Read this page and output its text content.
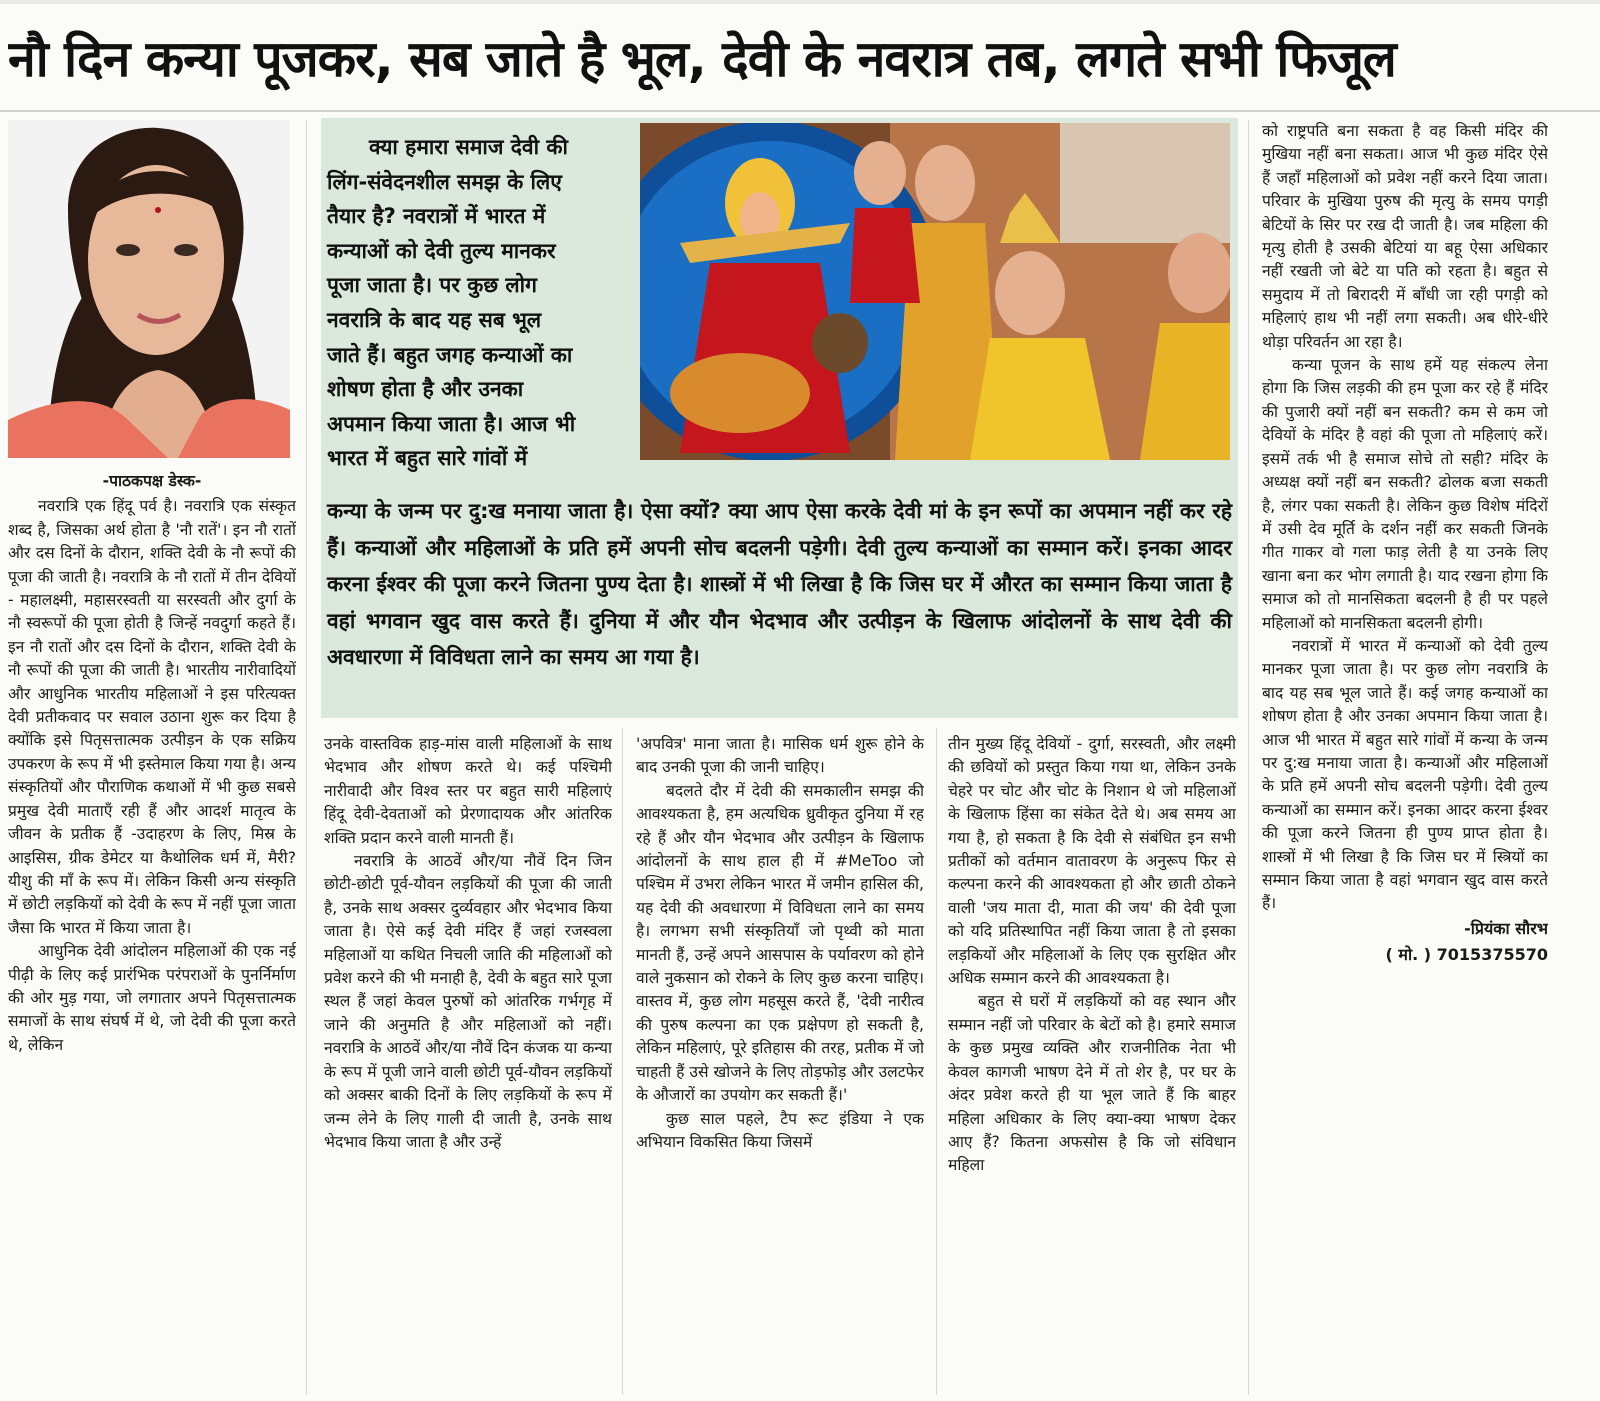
नौ दिन कन्या पूजकर, सब जाते है भूल, देवी के नवरात्र तब, लगते सभी फिजूल
-पाठकपक्ष डेस्क-

नवरात्रि एक हिंदू पर्व है। नवरात्रि एक संस्कृत शब्द है, जिसका अर्थ होता है 'नौ रातें'। इन नौ रातों और दस दिनों के दौरान, शक्ति देवी के नौ रूपों की पूजा की जाती है। नवरात्रि के नौ रातों में तीन देवियों - महालक्ष्मी, महासरस्वती या सरस्वती और दुर्गा के नौ स्वरूपों की पूजा होती है जिन्हें नवदुर्गा कहते हैं। इन नौ रातों और दस दिनों के दौरान, शक्ति देवी के नौ रूपों की पूजा की जाती है। भारतीय नारीवादियों और आधुनिक भारतीय महिलाओं ने इस परित्यक्त देवी प्रतीकवाद पर सवाल उठाना शुरू कर दिया है क्योंकि इसे पितृसत्तात्मक उत्पीड़न के एक सक्रिय उपकरण के रूप में भी इस्तेमाल किया गया है। अन्य संस्कृतियों और पौराणिक कथाओं में भी कुछ सबसे प्रमुख देवी माताएँ रही हैं और आदर्श मातृत्व के जीवन के प्रतीक हैं -उदाहरण के लिए, मिस्र के आइसिस, ग्रीक डेमेटर या कैथोलिक धर्म में, मैरी? यीशु की माँ के रूप में। लेकिन किसी अन्य संस्कृति में छोटी लड़कियों को देवी के रूप में नहीं पूजा जाता जैसा कि भारत में किया जाता है।

आधुनिक देवी आंदोलन महिलाओं की एक नई पीढ़ी के लिए कई प्रारंभिक परंपराओं के पुनर्निर्माण की ओर मुड़ गया, जो लगातार अपने पितृसत्तात्मक समाजों के साथ संघर्ष में थे, जो देवी की पूजा करते थे, लेकिन

क्या हमारा समाज देवी की
लिंग-संवेदनशील समझ के लिए
तैयार है? नवरात्रों में भारत में
कन्याओं को देवी तुल्य मानकर
पूजा जाता है। पर कुछ लोग
नवरात्रि के बाद यह सब भूल
जाते हैं। बहुत जगह कन्याओं का
शोषण होता है और उनका
अपमान किया जाता है। आज भी
भारत में बहुत सारे गांवों में
कन्या के जन्म पर दु:ख मनाया जाता है। ऐसा क्यों? क्या आप ऐसा करके देवी मां के इन रूपों का अपमान नहीं कर रहे हैं। कन्याओं और महिलाओं के प्रति हमें अपनी सोच बदलनी पड़ेगी। देवी तुल्य कन्याओं का सम्मान करें। इनका आदर करना ईश्वर की पूजा करने जितना पुण्य देता है। शास्त्रों में भी लिखा है कि जिस घर में औरत का सम्मान किया जाता है वहां भगवान खुद वास करते हैं। दुनिया में और यौन भेदभाव और उत्पीड़न के खिलाफ आंदोलनों के साथ देवी की अवधारणा में विविधता लाने का समय आ गया है।

उनके वास्तविक हाड़-मांस वाली महिलाओं के साथ भेदभाव और शोषण करते थे। कई पश्चिमी नारीवादी और विश्व स्तर पर बहुत सारी महिलाएं हिंदू देवी-देवताओं को प्रेरणादायक और आंतरिक शक्ति प्रदान करने वाली मानती हैं।

नवरात्रि के आठवें और/या नौवें दिन जिन छोटी-छोटी पूर्व-यौवन लड़कियों की पूजा की जाती है, उनके साथ अक्सर दुर्व्यवहार और भेदभाव किया जाता है। ऐसे कई देवी मंदिर हैं जहां रजस्वला महिलाओं या कथित निचली जाति की महिलाओं को प्रवेश करने की भी मनाही है, देवी के बहुत सारे पूजा स्थल हैं जहां केवल पुरुषों को आंतरिक गर्भगृह में जाने की अनुमति है और महिलाओं को नहीं। नवरात्रि के आठवें और/या नौवें दिन कंजक या कन्या के रूप में पूजी जाने वाली छोटी पूर्व-यौवन लड़कियों को अक्सर बाकी दिनों के लिए लड़कियों के रूप में जन्म लेने के लिए गाली दी जाती है, उनके साथ भेदभाव किया जाता है और उन्हें

'अपवित्र' माना जाता है। मासिक धर्म शुरू होने के बाद उनकी पूजा की जानी चाहिए।

बदलते दौर में देवी की समकालीन समझ की आवश्यकता है, हम अत्यधिक ध्रुवीकृत दुनिया में रह रहे हैं और यौन भेदभाव और उत्पीड़न के खिलाफ आंदोलनों के साथ हाल ही में #MeToo जो पश्चिम में उभरा लेकिन भारत में जमीन हासिल की, यह देवी की अवधारणा में विविधता लाने का समय है। लगभग सभी संस्कृतियाँ जो पृथ्वी को माता मानती हैं, उन्हें अपने आसपास के पर्यावरण को होने वाले नुकसान को रोकने के लिए कुछ करना चाहिए। वास्तव में, कुछ लोग महसूस करते हैं, 'देवी नारीत्व की पुरुष कल्पना का एक प्रक्षेपण हो सकती है, लेकिन महिलाएं, पूरे इतिहास की तरह, प्रतीक में जो चाहती हैं उसे खोजने के लिए तोड़फोड़ और उलटफेर के औजारों का उपयोग कर सकती हैं।'

कुछ साल पहले, टैप रूट इंडिया ने एक अभियान विकसित किया जिसमें

तीन मुख्य हिंदू देवियों - दुर्गा, सरस्वती, और लक्ष्मी की छवियों को प्रस्तुत किया गया था, लेकिन उनके चेहरे पर चोट और चोट के निशान थे जो महिलाओं के खिलाफ हिंसा का संकेत देते थे। अब समय आ गया है, हो सकता है कि देवी से संबंधित इन सभी प्रतीकों को वर्तमान वातावरण के अनुरूप फिर से कल्पना करने की आवश्यकता हो और छाती ठोकने वाली 'जय माता दी, माता की जय' की देवी पूजा को यदि प्रतिस्थापित नहीं किया जाता है तो इसका लड़कियों और महिलाओं के लिए एक सुरक्षित और अधिक सम्मान करने की आवश्यकता है।

बहुत से घरों में लड़कियों को वह स्थान और सम्मान नहीं जो परिवार के बेटों को है। हमारे समाज के कुछ प्रमुख व्यक्ति और राजनीतिक नेता भी केवल कागजी भाषण देने में तो शेर है, पर घर के अंदर प्रवेश करते ही या भूल जाते हैं कि बाहर महिला अधिकार के लिए क्या-क्या भाषण देकर आए हैं? कितना अफसोस है कि जो संविधान महिला

को राष्ट्रपति बना सकता है वह किसी मंदिर की मुखिया नहीं बना सकता। आज भी कुछ मंदिर ऐसे हैं जहाँ महिलाओं को प्रवेश नहीं करने दिया जाता। परिवार के मुखिया पुरुष की मृत्यु के समय पगड़ी बेटियों के सिर पर रख दी जाती है। जब महिला की मृत्यु होती है उसकी बेटियां या बहू ऐसा अधिकार नहीं रखती जो बेटे या पति को रहता है। बहुत से समुदाय में तो बिरादरी में बाँधी जा रही पगड़ी को महिलाएं हाथ भी नहीं लगा सकती। अब धीरे-धीरे थोड़ा परिवर्तन आ रहा है।

कन्या पूजन के साथ हमें यह संकल्प लेना होगा कि जिस लड़की की हम पूजा कर रहे हैं मंदिर की पुजारी क्यों नहीं बन सकती? कम से कम जो देवियों के मंदिर है वहां की पूजा तो महिलाएं करें। इसमें तर्क भी है समाज सोचे तो सही? मंदिर के अध्यक्ष क्यों नहीं बन सकती? ढोलक बजा सकती है, लंगर पका सकती है। लेकिन कुछ विशेष मंदिरों में उसी देव मूर्ति के दर्शन नहीं कर सकती जिनके गीत गाकर वो गला फाड़ लेती है या उनके लिए खाना बना कर भोग लगाती है। याद रखना होगा कि समाज को तो मानसिकता बदलनी है ही पर पहले महिलाओं को मानसिकता बदलनी होगी।

नवरात्रों में भारत में कन्याओं को देवी तुल्य मानकर पूजा जाता है। पर कुछ लोग नवरात्रि के बाद यह सब भूल जाते हैं। कई जगह कन्याओं का शोषण होता है और उनका अपमान किया जाता है। आज भी भारत में बहुत सारे गांवों में कन्या के जन्म पर दु:ख मनाया जाता है। कन्याओं और महिलाओं के प्रति हमें अपनी सोच बदलनी पड़ेगी। देवी तुल्य कन्याओं का सम्मान करें। इनका आदर करना ईश्वर की पूजा करने जितना ही पुण्य प्राप्त होता है। शास्त्रों में भी लिखा है कि जिस घर में स्त्रियों का सम्मान किया जाता है वहां भगवान खुद वास करते हैं।

-प्रियंका सौरभ
( मो. ) 7015375570
